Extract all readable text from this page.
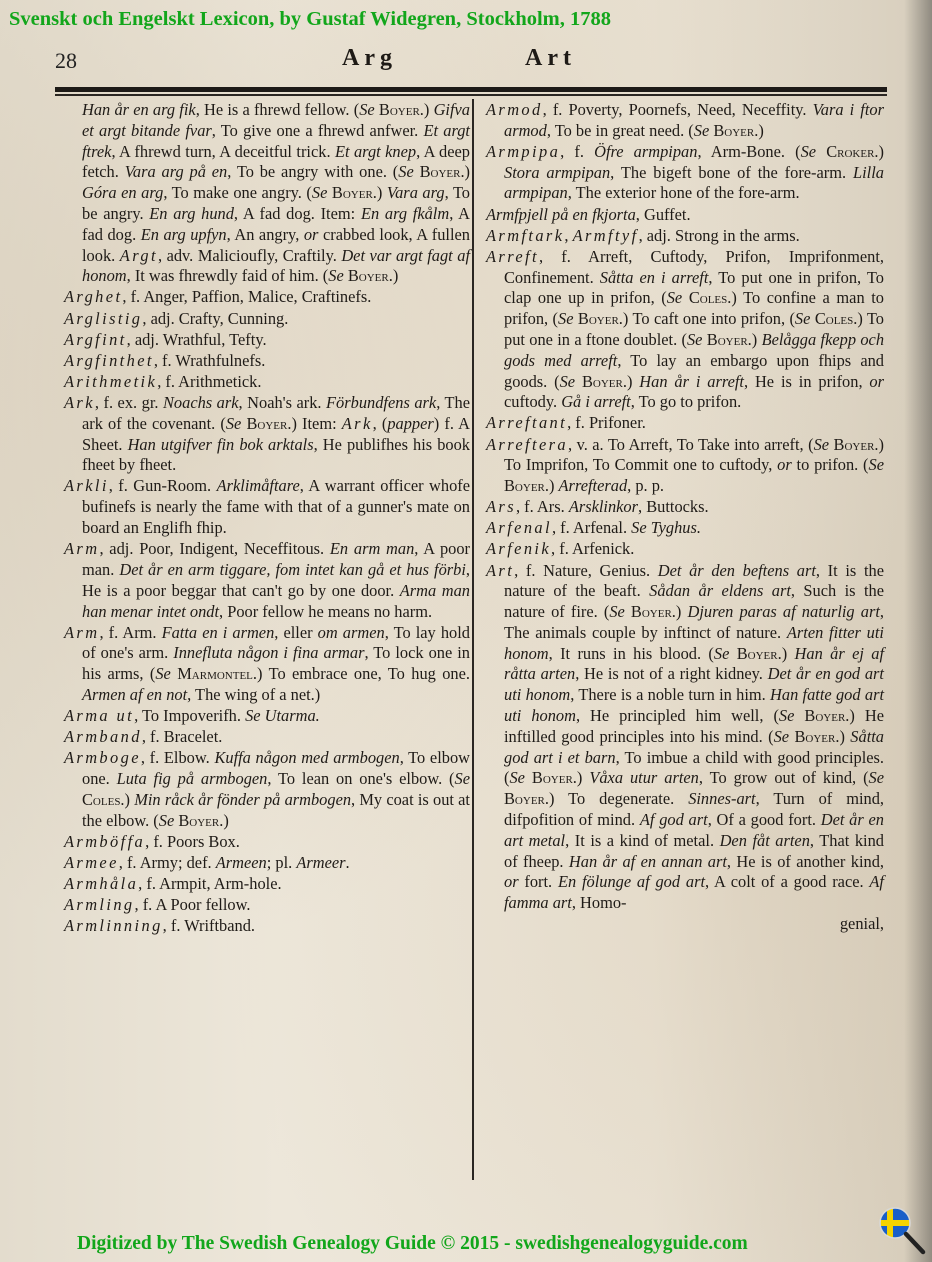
Svenskt och Engelskt Lexicon, by Gustaf Widegren, Stockholm, 1788
28	Arg	Art

Han år en arg fik, He is a fhrewd fellow. (Se Boyer.) Gifva et argt bitande fvar, To give one a fhrewd anfwer. Et argt ftrek, A fhrewd turn, A deceitful trick. Et argt knep, A deep fetch. Vara arg på en, To be angry with one. (Se Boyer.) Góra en arg, To make one angry. (Se Boyer.) Vara arg, To be angry. En arg hund, A fad dog. Item: En arg fkålm, A fad dog. En arg upfyn, An angry, or crabbed look, A fullen look. Argt, adv. Malicioufly, Craftily. Det var argt fagt af honom, It was fhrewdly faid of him. (Se Boyer.)

Arghet, f. Anger, Paffion, Malice, Craftinefs.

Arglistig, adj. Crafty, Cunning.

Argfint, adj. Wrathful, Tefty.

Argfinthet, f. Wrathfulnefs.

Arithmetik, f. Arithmetick.

Ark, f. ex. gr. Noachs ark, Noah's ark. Förbundfens ark, The ark of the covenant. (Se Boyer.) Item: Ark, (papper) f. A Sheet. Han utgifver fin bok arktals, He publifhes his book fheet by fheet.

Arkli, f. Gun-Room. Arklimåftare, A warrant officer whofe bufinefs is nearly the fame with that of a gunner's mate on board an Englifh fhip.

Arm, adj. Poor, Indigent, Neceffitous. En arm man, A poor man. Det år en arm tiggare, fom intet kan gå et hus förbi, He is a poor beggar that can't go by one door. Arma man han menar intet ondt, Poor fellow he means no harm.

Arm, f. Arm. Fatta en i armen, eller om armen, To lay hold of one's arm. Innefluta någon i fina armar, To lock one in his arms, (Se Marmontel.) To embrace one, To hug one. Armen af en not, The wing of a net.)

Arma ut, To Impoverifh. Se Utarma.

Armband, f. Bracelet.

Armboge, f. Elbow. Kuffa någon med armbogen, To elbow one. Luta fig på armbogen, To lean on one's elbow. (Se Coles.) Min råck år fönder på armbogen, My coat is out at the elbow. (Se Boyer.)

Armböffa, f. Poors Box.

Armee, f. Army; def. Armeen; pl. Armeer.

Armhåla, f. Armpit, Arm-hole.

Armling, f. A Poor fellow.

Armlinning, f. Wriftband.

Armod, f. Poverty, Poornefs, Need, Neceffity. Vara i ftor armod, To be in great need. (Se Boyer.)

Armpipa, f. Öfre armpipan, Arm-Bone. (Se Croker.) Stora armpipan, The bigeft bone of the fore-arm. Lilla armpipan, The exterior hone of the fore-arm.

Armfpjell på en fkjorta, Guffet.

Armftark, Armftyf, adj. Strong in the arms.

Arreft, f. Arreft, Cuftody, Prifon, Imprifonment, Confinement. Såtta en i arreft, To put one in prifon, To clap one up in prifon, (Se Coles.) To confine a man to prifon, (Se Boyer.) To caft one into prifon, (Se Coles.) To put one in a ftone doublet. (Se Boyer.) Belågga fkepp och gods med arreft, To lay an embargo upon fhips and goods. (Se Boyer.) Han år i arreft, He is in prifon, or cuftody. Gå i arreft, To go to prifon.

Arreftant, f. Prifoner.

Arreftera, v. a. To Arreft, To Take into arreft, (Se Boyer.) To Imprifon, To Commit one to cuftody, or to prifon. (Se Boyer.) Arrefterad, p. p.

Ars, f. Ars. Arsklinkor, Buttocks.

Arfenal, f. Arfenal. Se Tyghus.

Arfenik, f. Arfenick.

Art, f. Nature, Genius. Det år den beftens art, It is the nature of the beaft. Sådan år eldens art, Such is the nature of fire. (Se Boyer.) Djuren paras af naturlig art, The animals couple by inftinct of nature. Arten fitter uti honom, It runs in his blood. (Se Boyer.) Han år ej af råtta arten, He is not of a right kidney. Det år en god art uti honom, There is a noble turn in him. Han fatte god art uti honom, He principled him well, (Se Boyer.) He inftilled good principles into his mind. (Se Boyer.) Såtta god art i et barn, To imbue a child with good principles. (Se Boyer.) Våxa utur arten, To grow out of kind, (Se Boyer.) To degenerate. Sinnes-art, Turn of mind, difpofition of mind. Af god art, Of a good fort. Det år en art metal, It is a kind of metal. Den fåt arten, That kind of fheep. Han år af en annan art, He is of another kind, or fort. En fölunge af god art, A colt of a good race. Af famma art, Homo-

genial,
Digitized by The Swedish Genealogy Guide © 2015 - swedishgenealogyguide.com
